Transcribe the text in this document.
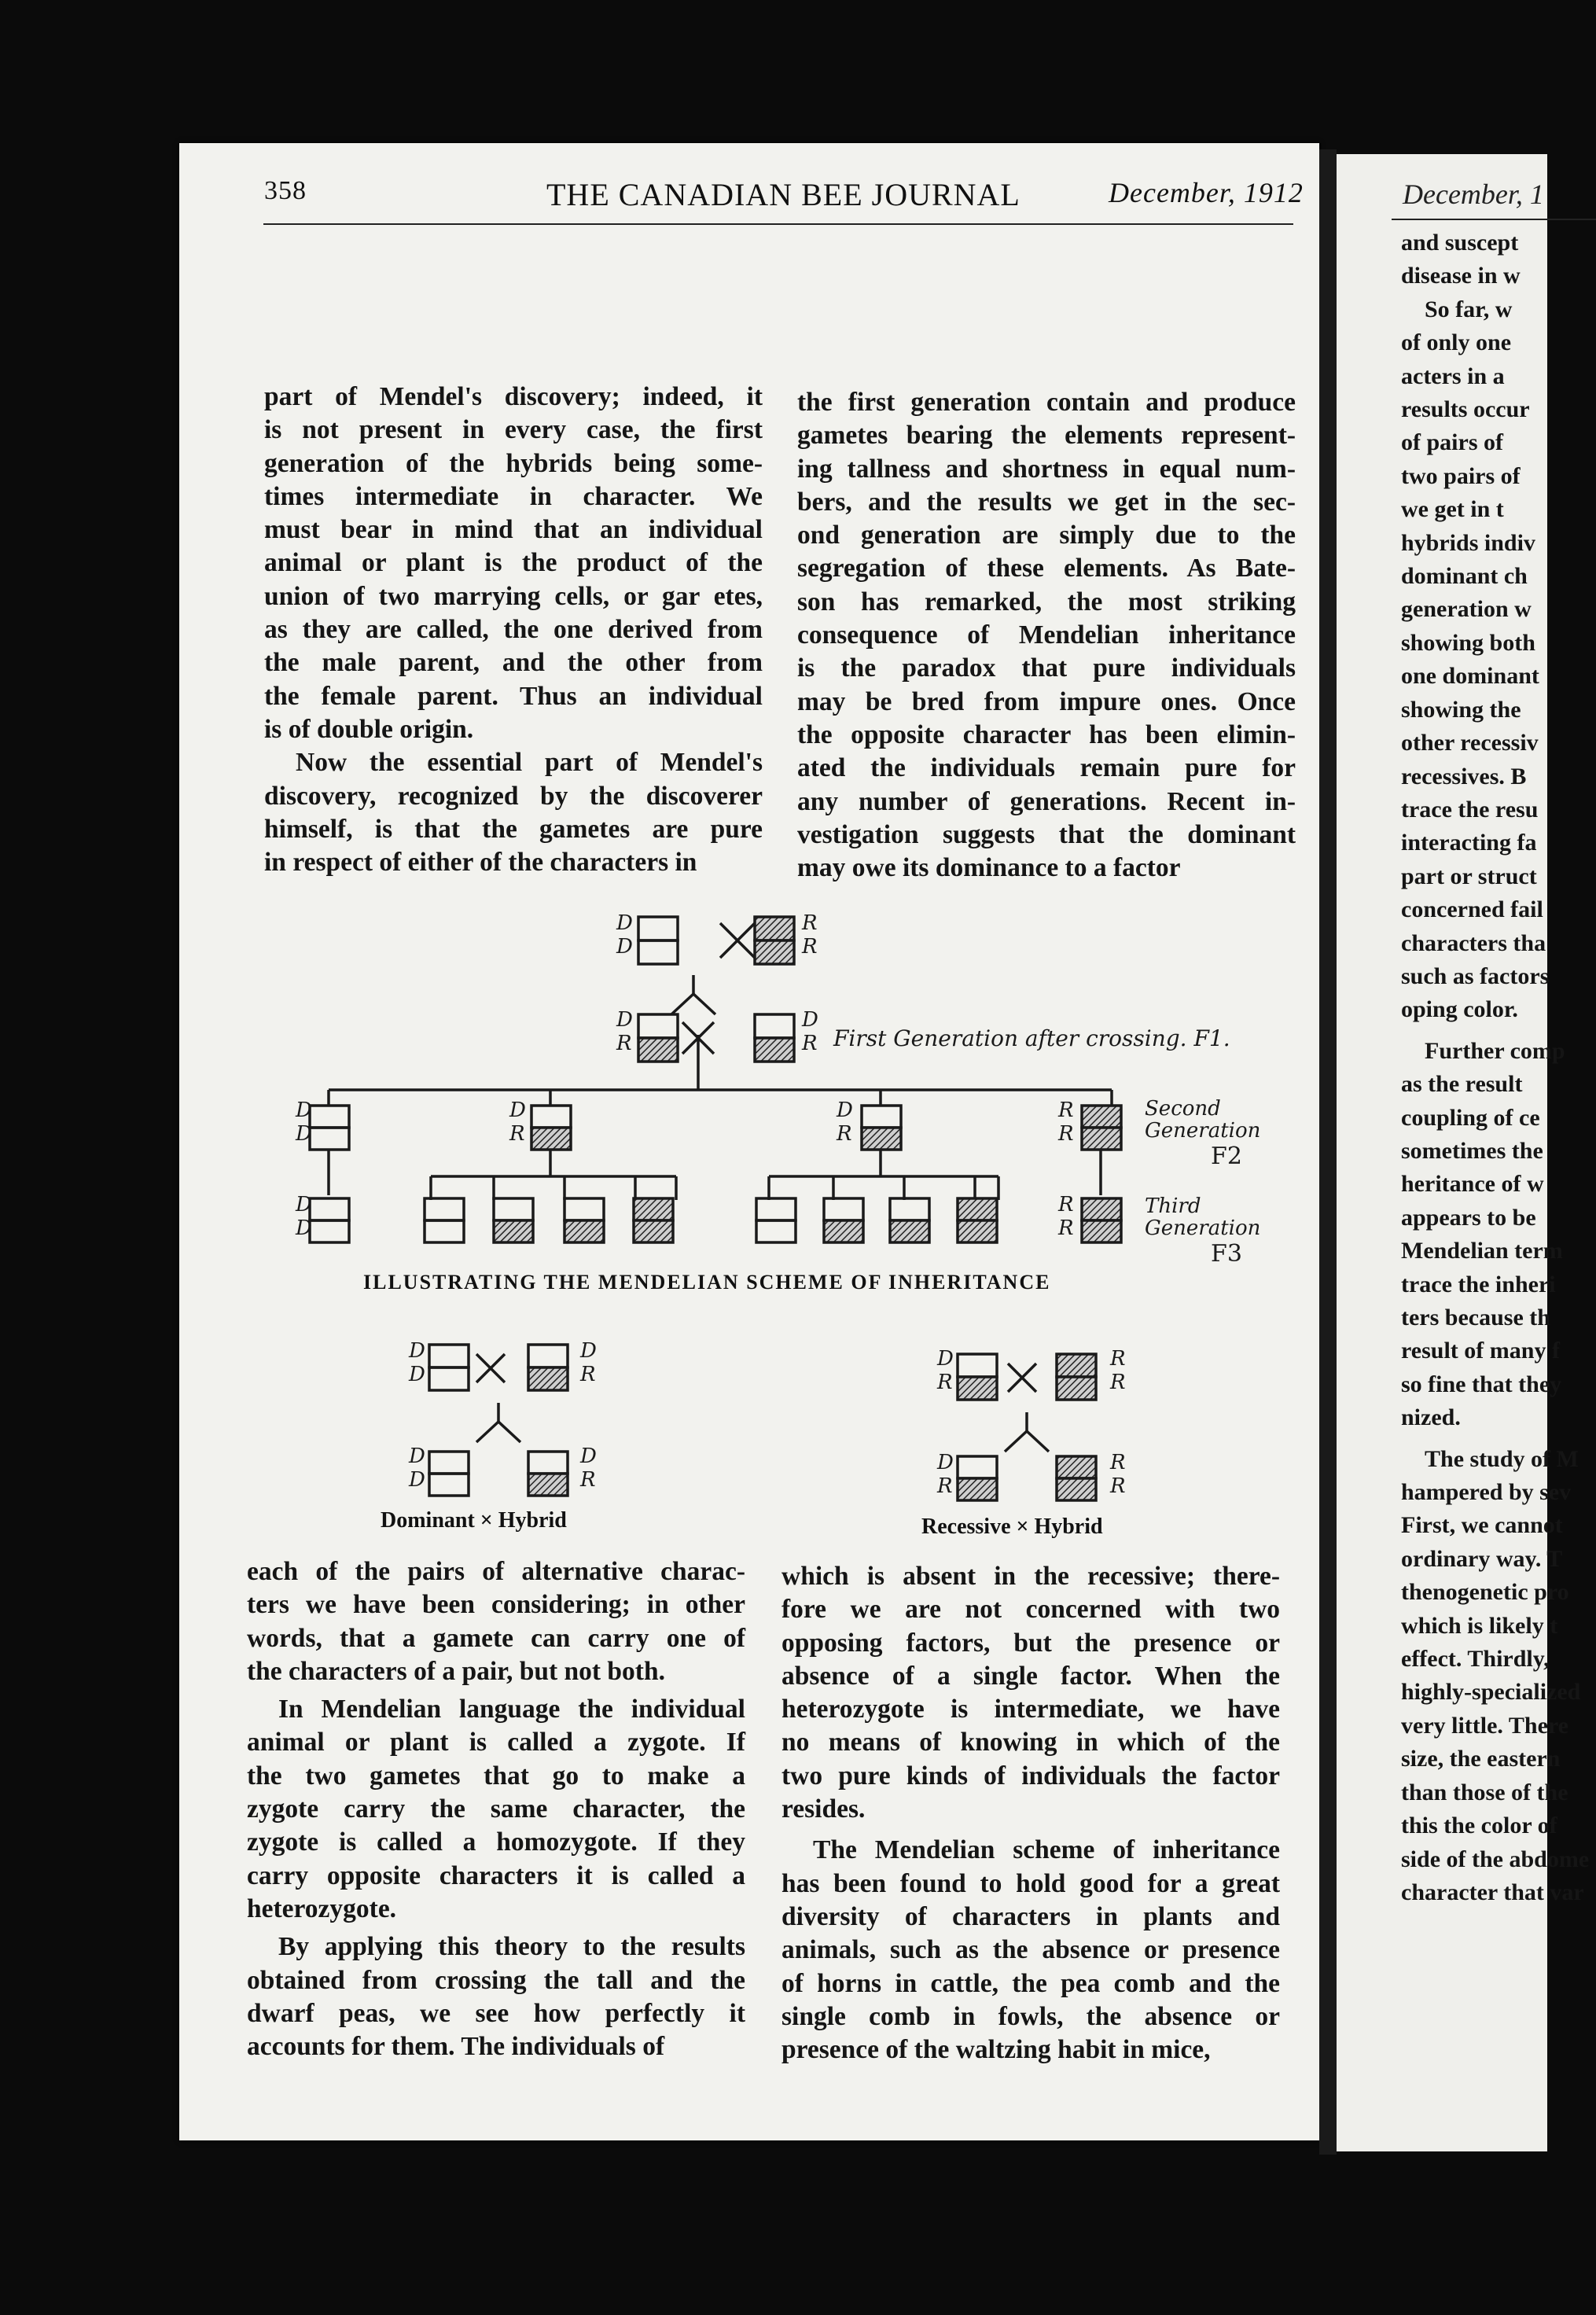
December, 1
and suscept
disease in w
So far, w
of only one
acters in a
results occur
of pairs of
two pairs of
we get in t
hybrids indiv
dominant ch
generation w
showing both
one dominant
showing the
other recessiv
recessives. B
trace the resu
interacting fa
part or struct
concerned fail
characters tha
such as factors
oping color.
Further comp
as the result
coupling of ce
sometimes the
heritance of w
appears to be
Mendelian term
trace the inheri
ters because th
result of many f
so fine that they
nized.
The study of M
hampered by sev
First, we cannot
ordinary way. T
thenogenetic pro
which is likely t
effect. Thirdly,
highly-specialized
very little. There
size, the eastern
than those of the
this the color of
side of the abdome
character that var
358	THE CANADIAN BEE JOURNAL	December, 1912
part of Mendel's discovery; indeed, it
is not present in every case, the first
generation of the hybrids being some-
times intermediate in character. We
must bear in mind that an individual
animal or plant is the product of the
union of two marrying cells, or gar etes,
as they are called, the one derived from
the male parent, and the other from
the female parent. Thus an individual
is of double origin.
Now the essential part of Mendel's
discovery, recognized by the discoverer
himself, is that the gametes are pure
in respect of either of the characters in
the first generation contain and produce
gametes bearing the elements represent-
ing tallness and shortness in equal num-
bers, and the results we get in the sec-
ond generation are simply due to the
segregation of these elements. As Bate-
son has remarked, the most striking
consequence of Mendelian inheritance
is the paradox that pure individuals
may be bred from impure ones. Once
the opposite character has been elimin-
ated the individuals remain pure for
any number of generations. Recent in-
vestigation suggests that the dominant
may owe its dominance to a factor
each of the pairs of alternative charac-
ters we have been considering; in other
words, that a gamete can carry one of
the characters of a pair, but not both.
In Mendelian language the individual
animal or plant is called a zygote. If
the two gametes that go to make a
zygote carry the same character, the
zygote is called a homozygote. If they
carry opposite characters it is called a
heterozygote.
By applying this theory to the results
obtained from crossing the tall and the
dwarf peas, we see how perfectly it
accounts for them. The individuals of
which is absent in the recessive; there-
fore we are not concerned with two
opposing factors, but the presence or
absence of a single factor. When the
heterozygote is intermediate, we have
no means of knowing in which of the
two pure kinds of individuals the factor
resides.
The Mendelian scheme of inheritance
has been found to hold good for a great
diversity of characters in plants and
animals, such as the absence or presence
of horns in cattle, the pea comb and the
single comb in fowls, the absence or
presence of the waltzing habit in mice,
D
D
R
R
D
R
D
R First Generation after crossing. F1.
D
D
D
R
D
R
R
R
Second
Generation
F2
D
D
R
R
Third
Generation
F3
D
D
D
R
D
D
D
R
D
R
R
R
D
R
R
R
ILLUSTRATING THE MENDELIAN SCHEME OF INHERITANCE
Dominant × Hybrid	Recessive × Hybrid
